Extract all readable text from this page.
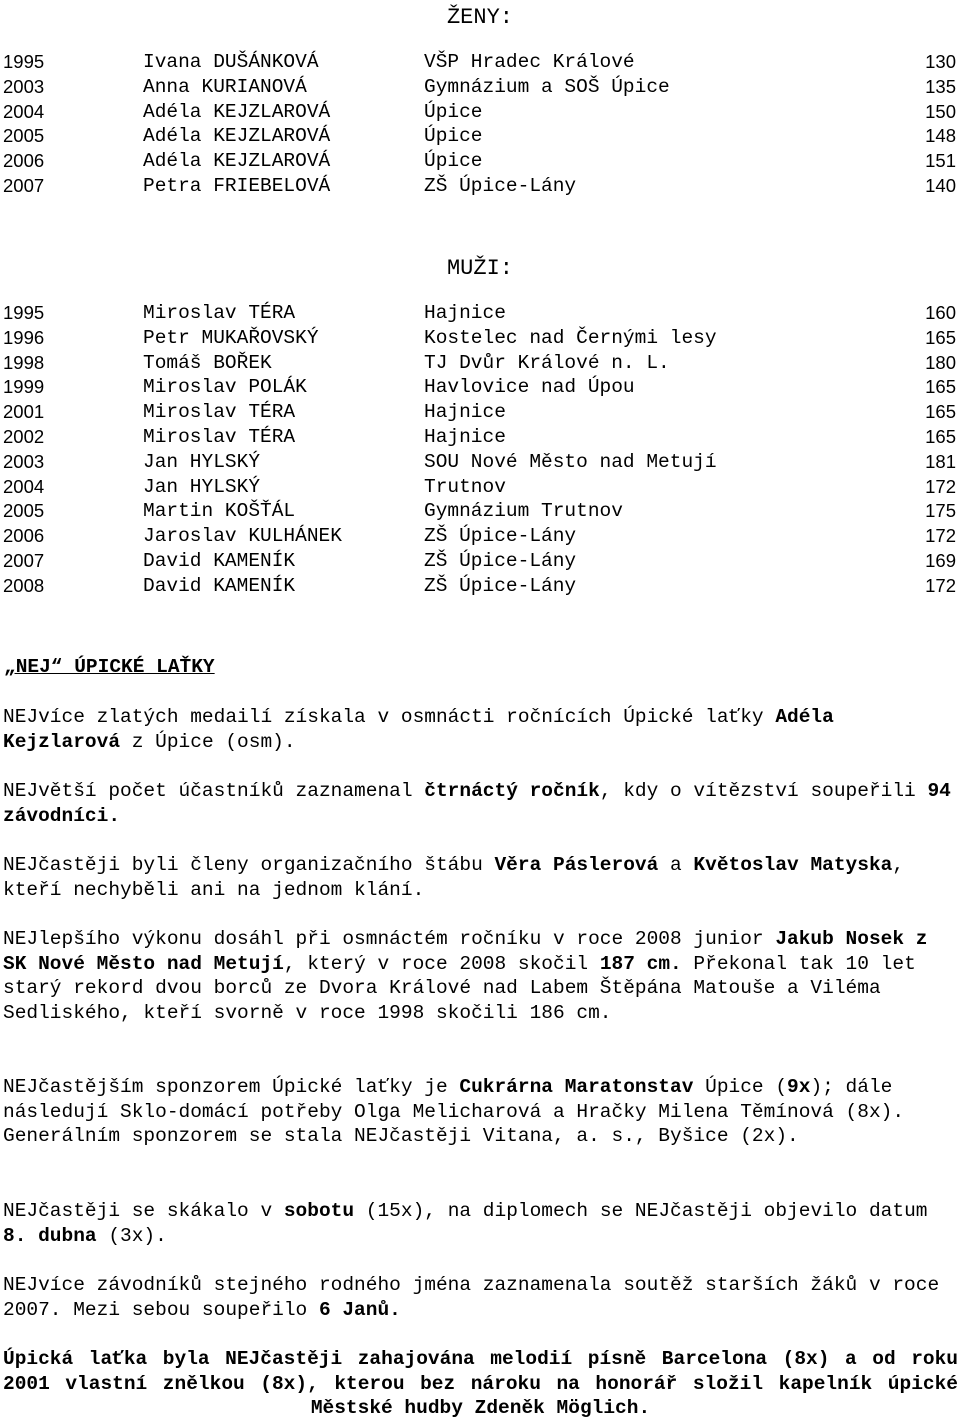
ŽENY:
1995	Ivana DUŠÁNKOVÁ	VŠP Hradec Králové	130
2003	Anna KURIANOVÁ	Gymnázium a SOŠ Úpice	135
2004	Adéla KEJZLAROVÁ	Úpice	150
2005	Adéla KEJZLAROVÁ	Úpice	148
2006	Adéla KEJZLAROVÁ	Úpice	151
2007	Petra FRIEBELOVÁ	ZŠ Úpice-Lány	140
MUŽI:
1995	Miroslav TÉRA	Hajnice	160
1996	Petr MUKAŘOVSKÝ	Kostelec nad Černými lesy	165
1998	Tomáš BOŘEK	TJ Dvůr Králové n. L.	180
1999	Miroslav POLÁK	Havlovice nad Úpou	165
2001	Miroslav TÉRA	Hajnice	165
2002	Miroslav TÉRA	Hajnice	165
2003	Jan HYLSKÝ	SOU Nové Město nad Metují	181
2004	Jan HYLSKÝ	Trutnov	172
2005	Martin KOŠŤÁL	Gymnázium Trutnov	175
2006	Jaroslav KULHÁNEK	ZŠ Úpice-Lány	172
2007	David KAMENÍK	ZŠ Úpice-Lány	169
2008	David KAMENÍK	ZŠ Úpice-Lány	172
„NEJ“ ÚPICKÉ LAŤKY

NEJvíce zlatých medailí získala v osmnácti ročnících Úpické laťky Adéla Kejzlarová z Úpice (osm).

NEJvětší počet účastníků zaznamenal čtrnáctý ročník, kdy o vítězství soupeřili 94 závodníci.

NEJčastěji byli členy organizačního štábu Věra Páslerová a Květoslav Matyska, kteří nechyběli ani na jednom klání.

NEJlepšího výkonu dosáhl při osmnáctém ročníku v roce 2008 junior Jakub Nosek z SK Nové Město nad Metují, který v roce 2008 skočil 187 cm. Překonal tak 10 let starý rekord dvou borců ze Dvora Králové nad Labem Štěpána Matouše a Viléma Sedliského, kteří svorně v roce 1998 skočili 186 cm.

NEJčastějším sponzorem Úpické laťky je Cukrárna Maratonstav Úpice (9x); dále následují Sklo-domácí potřeby Olga Melicharová a Hračky Milena Těmínová (8x). Generálním sponzorem se stala NEJčastěji Vitana, a. s., Byšice (2x).

NEJčastěji se skákalo v sobotu (15x), na diplomech se NEJčastěji objevilo datum 8. dubna (3x).

NEJvíce závodníků stejného rodného jména zaznamenala soutěž starších žáků v roce 2007. Mezi sebou soupeřilo 6 Janů.

Úpická laťka byla NEJčastěji zahajována melodií písně Barcelona (8x) a od roku 2001 vlastní znělkou (8x), kterou bez nároku na honorář složil kapelník úpické Městské hudby Zdeněk Möglich.
